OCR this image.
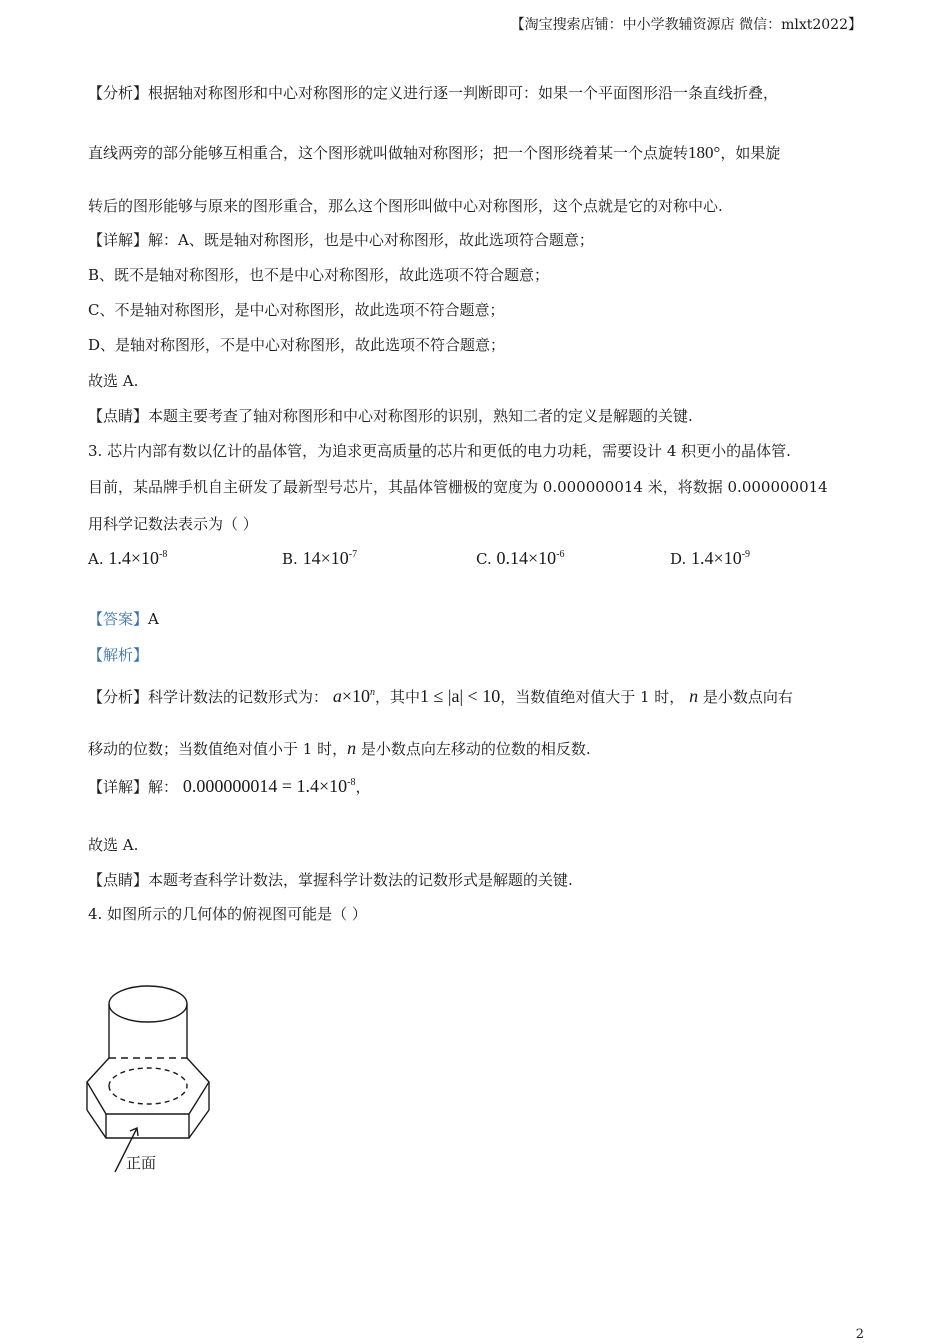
【淘宝搜索店铺：中小学教辅资源店 微信：mlxt2022】
【分析】根据轴对称图形和中心对称图形的定义进行逐一判断即可：如果一个平面图形沿一条直线折叠，
直线两旁的部分能够互相重合，这个图形就叫做轴对称图形；把一个图形绕着某一个点旋转180°，如果旋
转后的图形能够与原来的图形重合，那么这个图形叫做中心对称图形，这个点就是它的对称中心.
【详解】解：A、既是轴对称图形，也是中心对称图形，故此选项符合题意；
B、既不是轴对称图形，也不是中心对称图形，故此选项不符合题意；
C、不是轴对称图形，是中心对称图形，故此选项不符合题意；
D、是轴对称图形，不是中心对称图形，故此选项不符合题意；
故选 A.
【点睛】本题主要考查了轴对称图形和中心对称图形的识别，熟知二者的定义是解题的关键.
3. 芯片内部有数以亿计的晶体管，为追求更高质量的芯片和更低的电力功耗，需要设计 4 积更小的晶体管.
目前，某品牌手机自主研发了最新型号芯片，其晶体管栅极的宽度为 0.000000014 米，将数据 0.000000014
用科学记数法表示为（ ）
A. $1.4\times 10^{-8}$	B. $14\times 10^{-7}$	C. $0.14\times 10^{-6}$	D. $1.4\times 10^{-9}$
【答案】A
【解析】
【分析】科学计数法的记数形式为： $a\times 10^n$，其中1 ≤ |a| < 10，当数值绝对值大于 1 时， n 是小数点向右
移动的位数；当数值绝对值小于 1 时，n 是小数点向左移动的位数的相反数.
【详解】解： $0.000000014 = 1.4\times 10^{-8}$，
故选 A.
【点睛】本题考查科学计数法，掌握科学计数法的记数形式是解题的关键.
4. 如图所示的几何体的俯视图可能是（ ）
正面
2
